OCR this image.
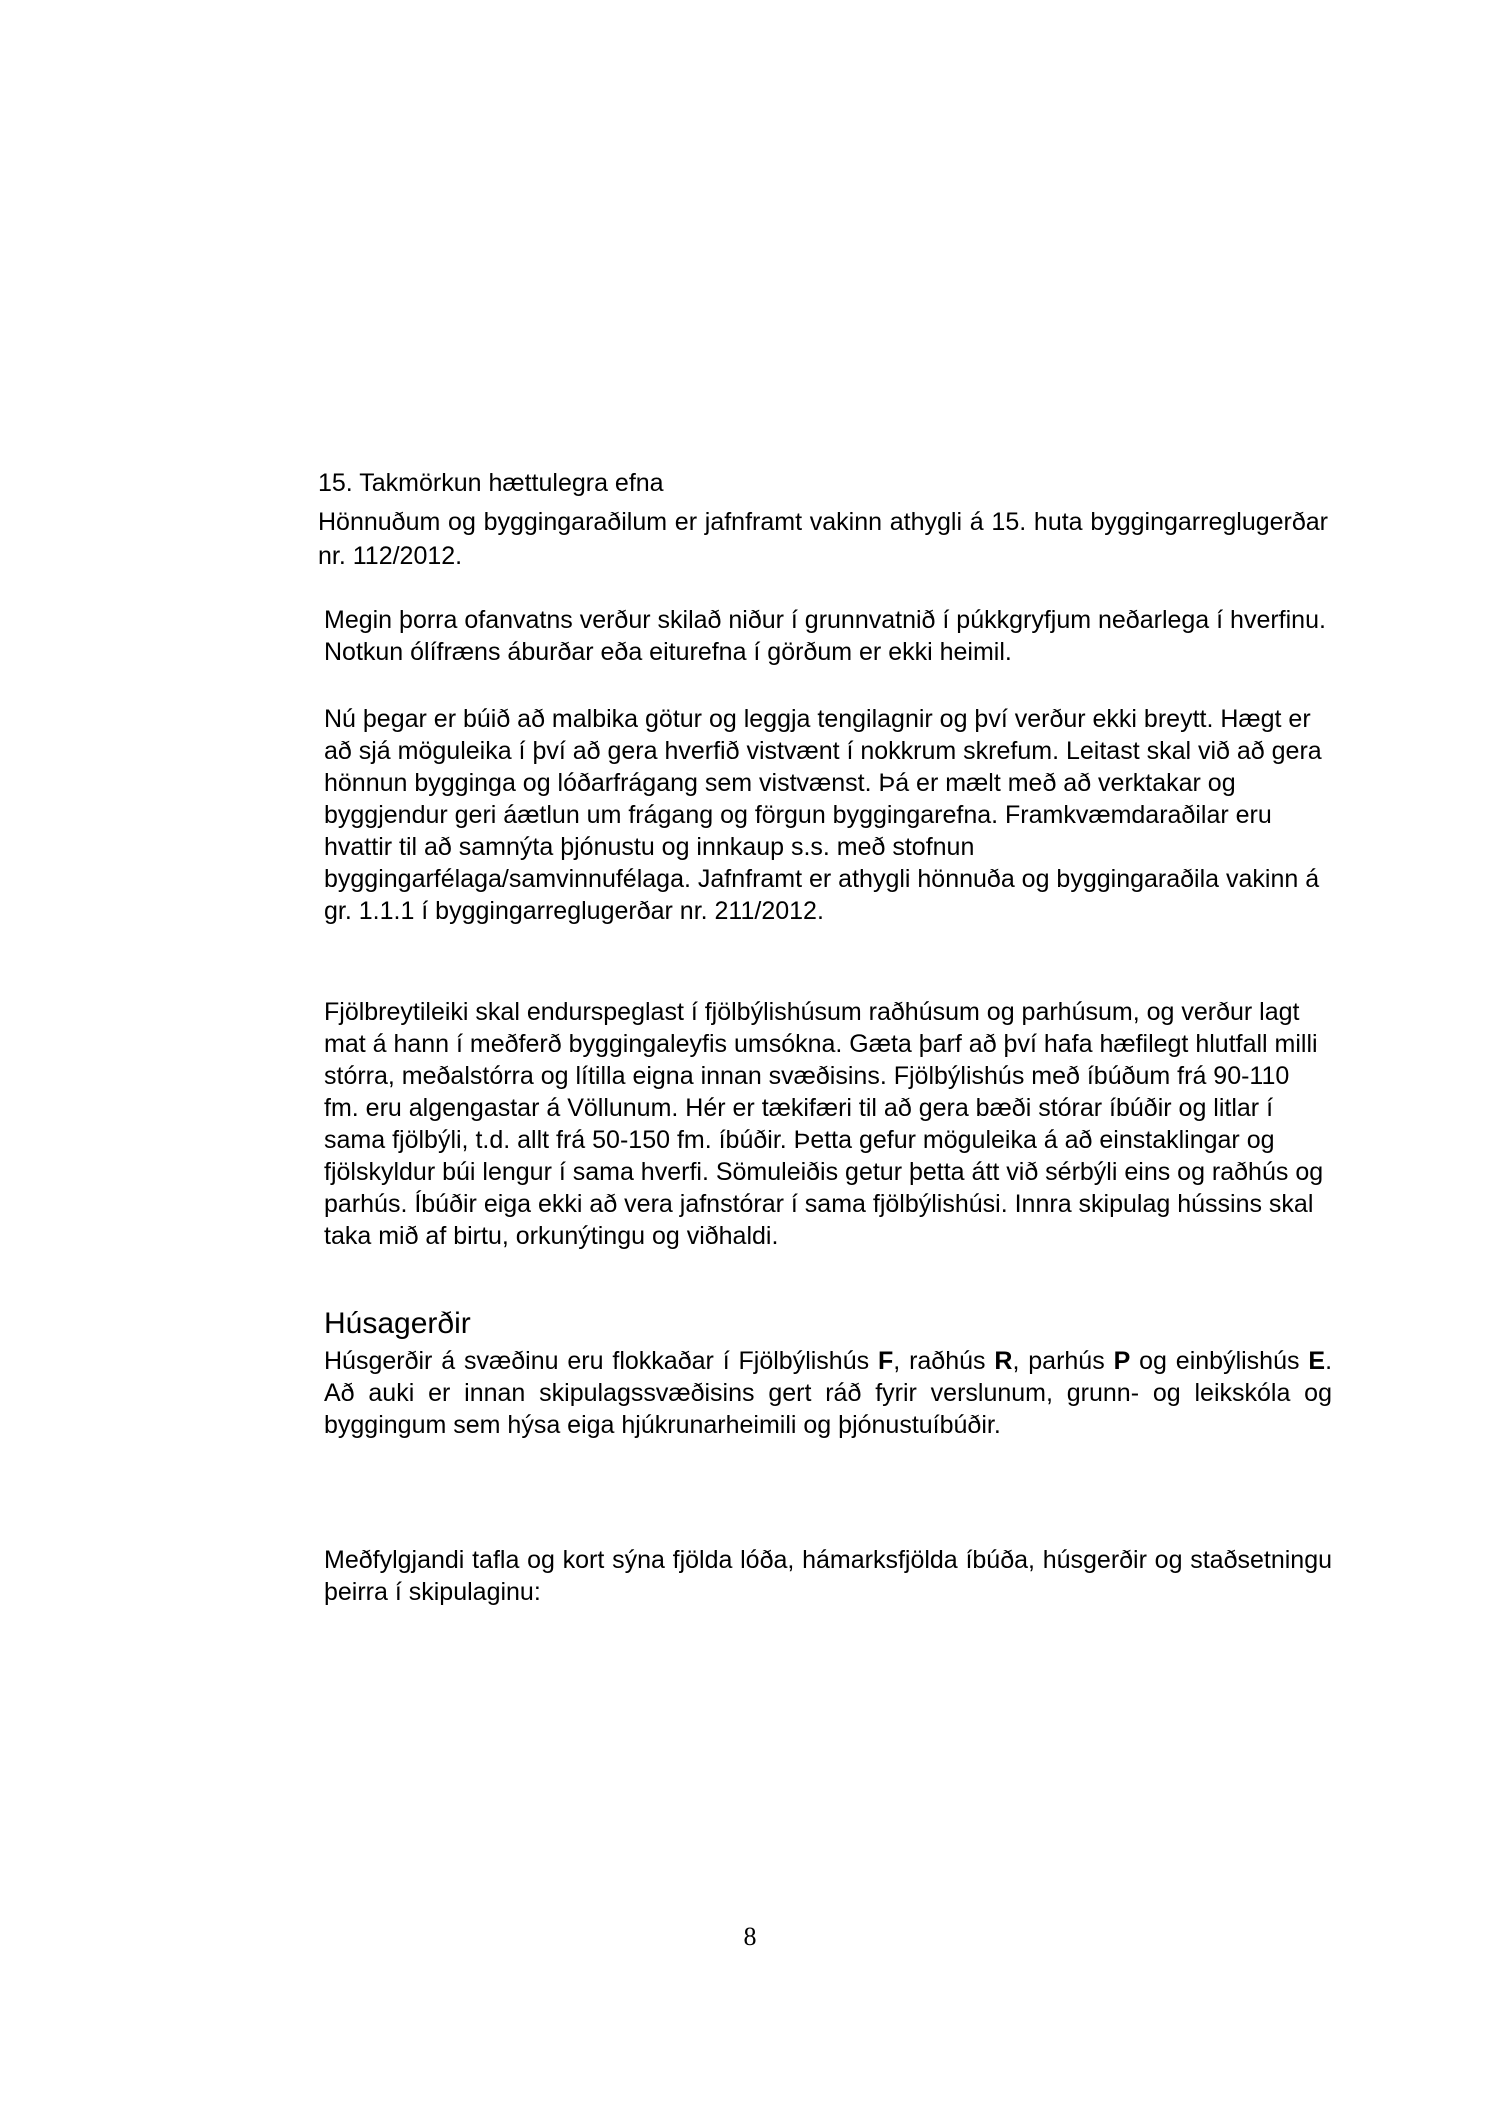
15. Takmörkun hættulegra efna

Hönnuðum og byggingaraðilum er jafnframt vakinn athygli á 15. huta byggingarreglugerðar nr. 112/2012.

Megin þorra ofanvatns verður skilað niður í grunnvatnið í púkkgryfjum neðarlega í hverfinu. Notkun ólífræns áburðar eða eiturefna í görðum er ekki heimil.

Nú þegar er búið að malbika götur og leggja tengilagnir og því verður ekki breytt. Hægt er að sjá möguleika í því að gera hverfið vistvænt í nokkrum skrefum. Leitast skal við að gera hönnun bygginga og lóðarfrágang sem vistvænst. Þá er mælt með að verktakar og byggjendur geri áætlun um frágang og förgun byggingarefna. Framkvæmdaraðilar eru hvattir til að samnýta þjónustu og innkaup s.s. með stofnun byggingarfélaga/samvinnufélaga. Jafnframt er athygli hönnuða og byggingaraðila vakinn á gr. 1.1.1 í byggingarreglugerðar nr. 211/2012.

Fjölbreytileiki skal endurspeglast í fjölbýlishúsum raðhúsum og parhúsum, og verður lagt mat á hann í meðferð byggingaleyfis umsókna. Gæta þarf að því hafa hæfilegt hlutfall milli stórra, meðalstórra og lítilla eigna innan svæðisins. Fjölbýlishús með íbúðum frá 90-110 fm. eru algengastar á Völlunum. Hér er tækifæri til að gera bæði stórar íbúðir og litlar í sama fjölbýli, t.d. allt frá 50-150 fm. íbúðir. Þetta gefur möguleika á að einstaklingar og fjölskyldur búi lengur í sama hverfi. Sömuleiðis getur þetta átt við sérbýli eins og raðhús og parhús. Íbúðir eiga ekki að vera jafnstórar í sama fjölbýlishúsi. Innra skipulag hússins skal taka mið af birtu, orkunýtingu og viðhaldi.

Húsagerðir

Húsgerðir á svæðinu eru flokkaðar í Fjölbýlishús F, raðhús R, parhús P og einbýlishús E. Að auki er innan skipulagssvæðisins gert ráð fyrir verslunum, grunn- og leikskóla og byggingum sem hýsa eiga hjúkrunarheimili og þjónustuíbúðir.

Meðfylgjandi tafla og kort sýna fjölda lóða, hámarksfjölda íbúða, húsgerðir og staðsetningu þeirra í skipulaginu:

8
